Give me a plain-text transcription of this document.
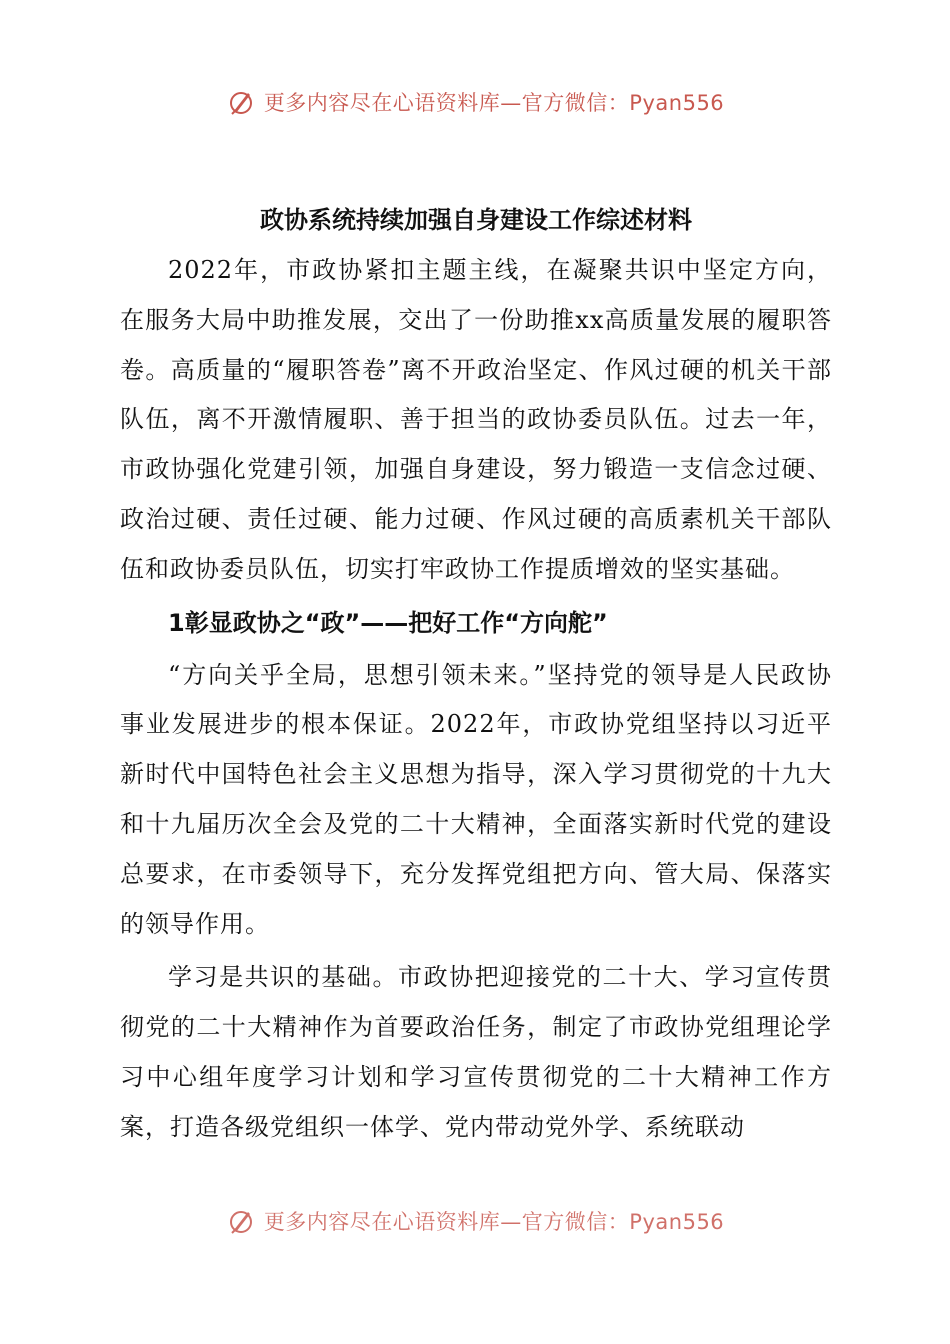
更多内容尽在心语资料库—官方微信：Pyan556
政协系统持续加强自身建设工作综述材料

2022年，市政协紧扣主题主线，在凝聚共识中坚定方向，在服务大局中助推发展，交出了一份助推xx高质量发展的履职答卷。高质量的“履职答卷”离不开政治坚定、作风过硬的机关干部队伍，离不开激情履职、善于担当的政协委员队伍。过去一年，市政协强化党建引领，加强自身建设，努力锻造一支信念过硬、政治过硬、责任过硬、能力过硬、作风过硬的高质素机关干部队伍和政协委员队伍，切实打牢政协工作提质增效的坚实基础。

1彰显政协之“政”——把好工作“方向舵”

“方向关乎全局，思想引领未来。”坚持党的领导是人民政协事业发展进步的根本保证。2022年，市政协党组坚持以习近平新时代中国特色社会主义思想为指导，深入学习贯彻党的十九大和十九届历次全会及党的二十大精神，全面落实新时代党的建设总要求，在市委领导下，充分发挥党组把方向、管大局、保落实的领导作用。

学习是共识的基础。市政协把迎接党的二十大、学习宣传贯彻党的二十大精神作为首要政治任务，制定了市政协党组理论学习中心组年度学习计划和学习宣传贯彻党的二十大精神工作方案，打造各级党组织一体学、党内带动党外学、系统联动

更多内容尽在心语资料库—官方微信：Pyan556
